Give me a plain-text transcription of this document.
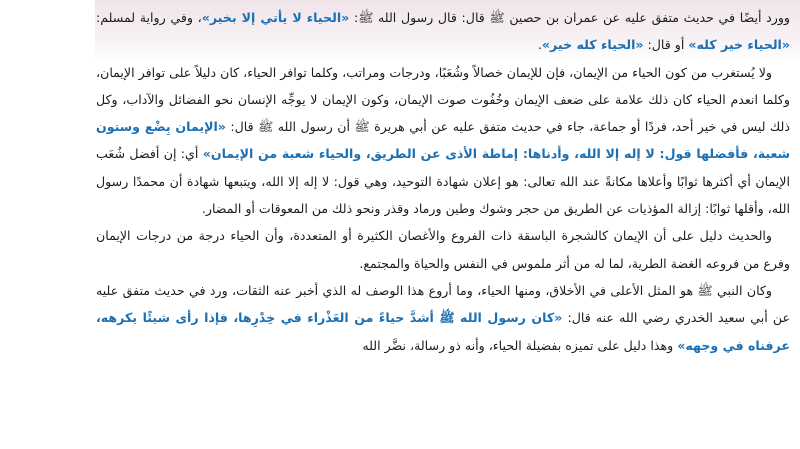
وورد أيضًا في حديث متفق عليه عن عمران بن حصين ﷺ قال: قال رسول الله ﷺ: «الحياء لا يأتي إلا بخير»، وفي رواية لمسلم: «الحياء خير كله» أو قال: «الحياء كله خير».

ولا يُستغرب من كون الحياء من الإيمان، فإن للإيمان خصالاً وشُعَبًا، ودرجات ومراتب، وكلما توافر الحياء، كان دليلاً على توافر الإيمان، وكلما انعدم الحياء كان ذلك علامة على ضعف الإيمان وخُفُوت صوت الإيمان، وكون الإيمان لا يوجِّه الإنسان نحو الفضائل والآداب، وكل ذلك ليس في خير أحد، فردًا أو جماعة، جاء في حديث متفق عليه عن أبي هريرة ﷺ أن رسول الله ﷺ قال: «الإيمان بِضْع وستون شعبة، فأفضلها قول: لا إله إلا الله، وأدناها: إماطة الأذى عن الطريق، والحياء شعبة من الإيمان» أي: إن أفضل شُعَب الإيمان أي أكثرها ثوابًا وأعلاها مكانةً عند الله تعالى: هو إعلان شهادة التوحيد، وهي قول: لا إله إلا الله، ويتبعها شهادة أن محمدًا رسول الله، وأقلها ثوابًا: إزالة المؤذيات عن الطريق من حجر وشوك وطين ورماد وقذر ونحو ذلك من المعوقات أو المضار.

والحديث دليل على أن الإيمان كالشجرة الباسقة ذات الفروع والأغصان الكثيرة أو المتعددة، وأن الحياء درجة من درجات الإيمان وفرع من فروعه الغضة الطرية، لما له من أثر ملموس في النفس والحياة والمجتمع.

وكان النبي ﷺ هو المثل الأعلى في الأخلاق، ومنها الحياء، وما أروع هذا الوصف له الذي أخبر عنه الثقات، ورد في حديث متفق عليه عن أبي سعيد الخدري رضي الله عنه قال: «كان رسول الله ﷺ أشدَّ حياءً من العَذْراء في خِدْرِها، فإذا رأى شيئًا يكرهه، عرفناه في وجهه» وهذا دليل على تميزه بفضيلة الحياء، وأنه ذو رسالة، نضَّر الله
